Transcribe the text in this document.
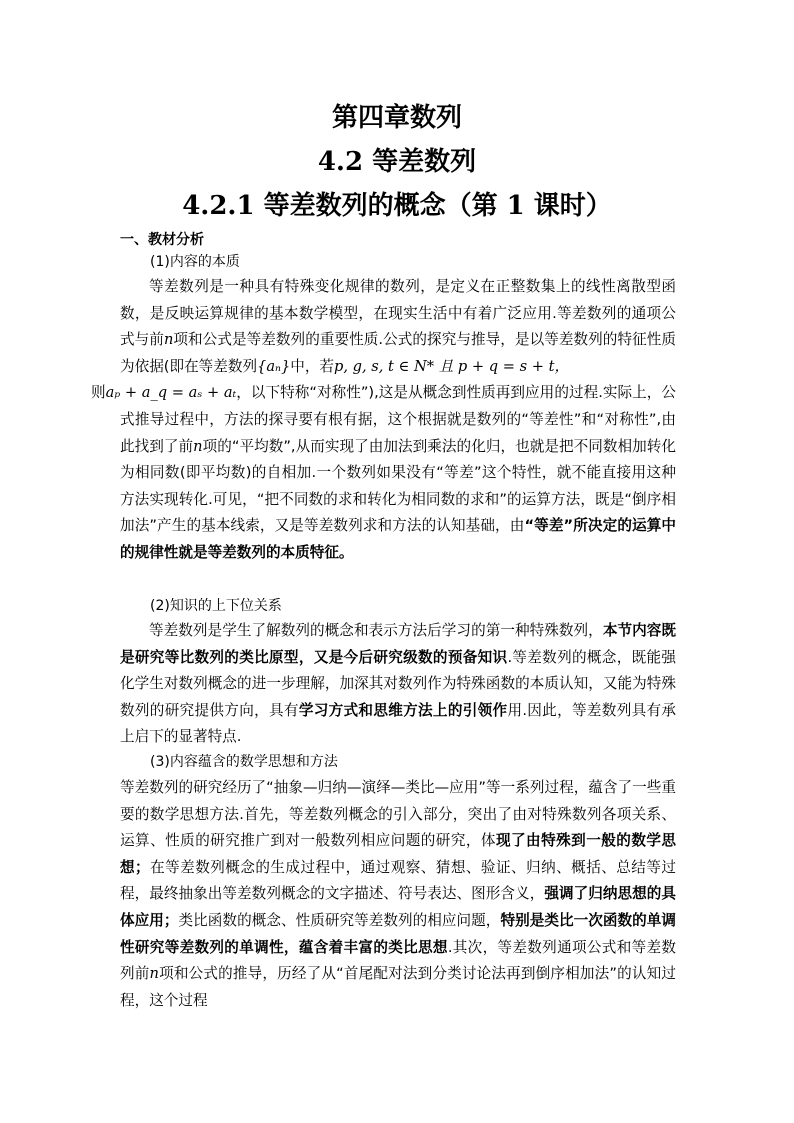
第四章数列
4.2 等差数列
4.2.1 等差数列的概念（第 1 课时）
一、教材分析
(1)内容的本质

等差数列是一种具有特殊变化规律的数列，是定义在正整数集上的线性离散型函数，是反映运算规律的基本数学模型，在现实生活中有着广泛应用.等差数列的通项公式与前n项和公式是等差数列的重要性质.公式的探究与推导，是以等差数列的特征性质为依据(即在等差数列{aₙ}中，若p, g, s, t ∈ N* 且 p + q = s + t，
则aₚ + a_q = aₛ + aₜ，以下特称“对称性”),这是从概念到性质再到应用的过程.实际上，公式推导过程中，方法的探寻要有根有据，这个根据就是数列的“等差性”和“对称性”,由此找到了前n项的“平均数”,从而实现了由加法到乘法的化归，也就是把不同数相加转化为相同数(即平均数)的自相加.一个数列如果没有“等差”这个特性，就不能直接用这种方法实现转化.可见，“把不同数的求和转化为相同数的求和”的运算方法，既是“倒序相加法”产生的基本线索，又是等差数列求和方法的认知基础，由“等差”所决定的运算中的规律性就是等差数列的本质特征。

(2)知识的上下位关系

等差数列是学生了解数列的概念和表示方法后学习的第一种特殊数列，本节内容既是研究等比数列的类比原型，又是今后研究级数的预备知识.等差数列的概念，既能强化学生对数列概念的进一步理解，加深其对数列作为特殊函数的本质认知，又能为特殊数列的研究提供方向，具有学习方式和思维方法上的引领作用.因此，等差数列具有承上启下的显著特点.

(3)内容蕴含的数学思想和方法

等差数列的研究经历了“抽象—归纳—演绎—类比—应用”等一系列过程，蕴含了一些重要的数学思想方法.首先，等差数列概念的引入部分，突出了由对特殊数列各项关系、运算、性质的研究推广到对一般数列相应问题的研究，体现了由特殊到一般的数学思想；在等差数列概念的生成过程中，通过观察、猜想、验证、归纳、概括、总结等过程，最终抽象出等差数列概念的文字描述、符号表达、图形含义，强调了归纳思想的具体应用；类比函数的概念、性质研究等差数列的相应问题，特别是类比一次函数的单调性研究等差数列的单调性，蕴含着丰富的类比思想.其次，等差数列通项公式和等差数列前n项和公式的推导，历经了从“首尾配对法到分类讨论法再到倒序相加法”的认知过程，这个过程
